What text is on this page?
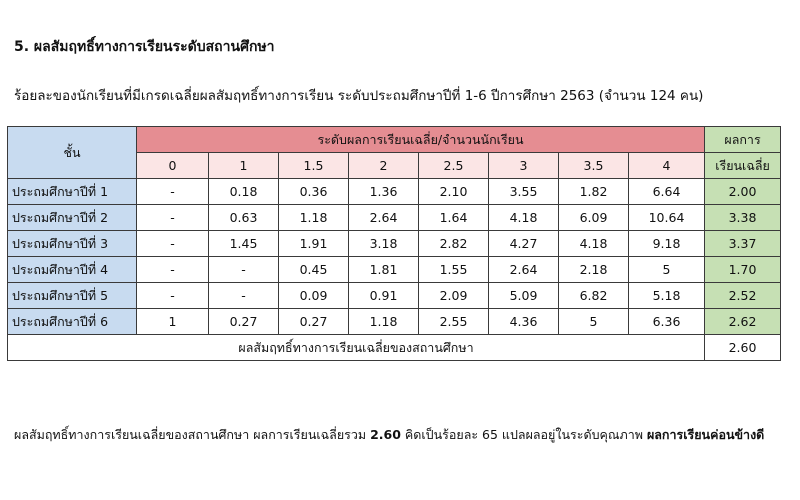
5. ผลสัมฤทธิ์ทางการเรียนระดับสถานศึกษา
ร้อยละของนักเรียนที่มีเกรดเฉลี่ยผลสัมฤทธิ์ทางการเรียน ระดับประถมศึกษาปีที่ 1-6 ปีการศึกษา 2563 (จำนวน 124 คน)
ชั้น	ระดับผลการเรียนเฉลี่ย/จำนวนนักเรียน								ผลการ
	0	1	1.5	2	2.5	3	3.5	4	เรียนเฉลี่ย
ประถมศึกษาปีที่ 1	-	0.18	0.36	1.36	2.10	3.55	1.82	6.64	2.00
ประถมศึกษาปีที่ 2	-	0.63	1.18	2.64	1.64	4.18	6.09	10.64	3.38
ประถมศึกษาปีที่ 3	-	1.45	1.91	3.18	2.82	4.27	4.18	9.18	3.37
ประถมศึกษาปีที่ 4	-	-	0.45	1.81	1.55	2.64	2.18	5	1.70
ประถมศึกษาปีที่ 5	-	-	0.09	0.91	2.09	5.09	6.82	5.18	2.52
ประถมศึกษาปีที่ 6	1	0.27	0.27	1.18	2.55	4.36	5	6.36	2.62
ผลสัมฤทธิ์ทางการเรียนเฉลี่ยของสถานศึกษา									2.60
ผลสัมฤทธิ์ทางการเรียนเฉลี่ยของสถานศึกษา ผลการเรียนเฉลี่ยรวม 2.60 คิดเป็นร้อยละ 65 แปลผลอยู่ในระดับคุณภาพ ผลการเรียนค่อนข้างดี
